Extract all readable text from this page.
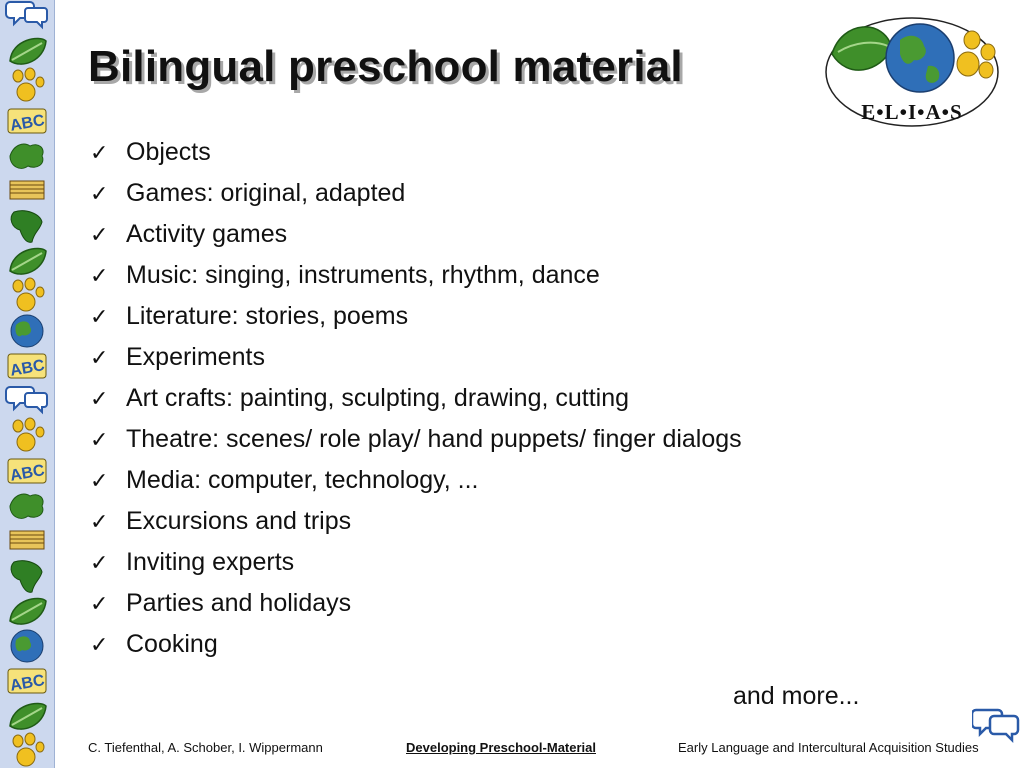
ABC
ABC
ABC
ABC
Bilingual preschool material
E•L•I•A•S
✓ Objects
✓ Games: original, adapted
✓ Activity games
✓ Music: singing, instruments, rhythm, dance
✓ Literature: stories, poems
✓ Experiments
✓ Art crafts: painting, sculpting, drawing, cutting
✓ Theatre: scenes/ role play/ hand puppets/ finger dialogs
✓ Media: computer, technology, ...
✓ Excursions and trips
✓ Inviting experts
✓ Parties and holidays
✓ Cooking
and more...
C. Tiefenthal, A. Schober, I. Wippermann	Developing Preschool-Material	Early Language and Intercultural Acquisition Studies
